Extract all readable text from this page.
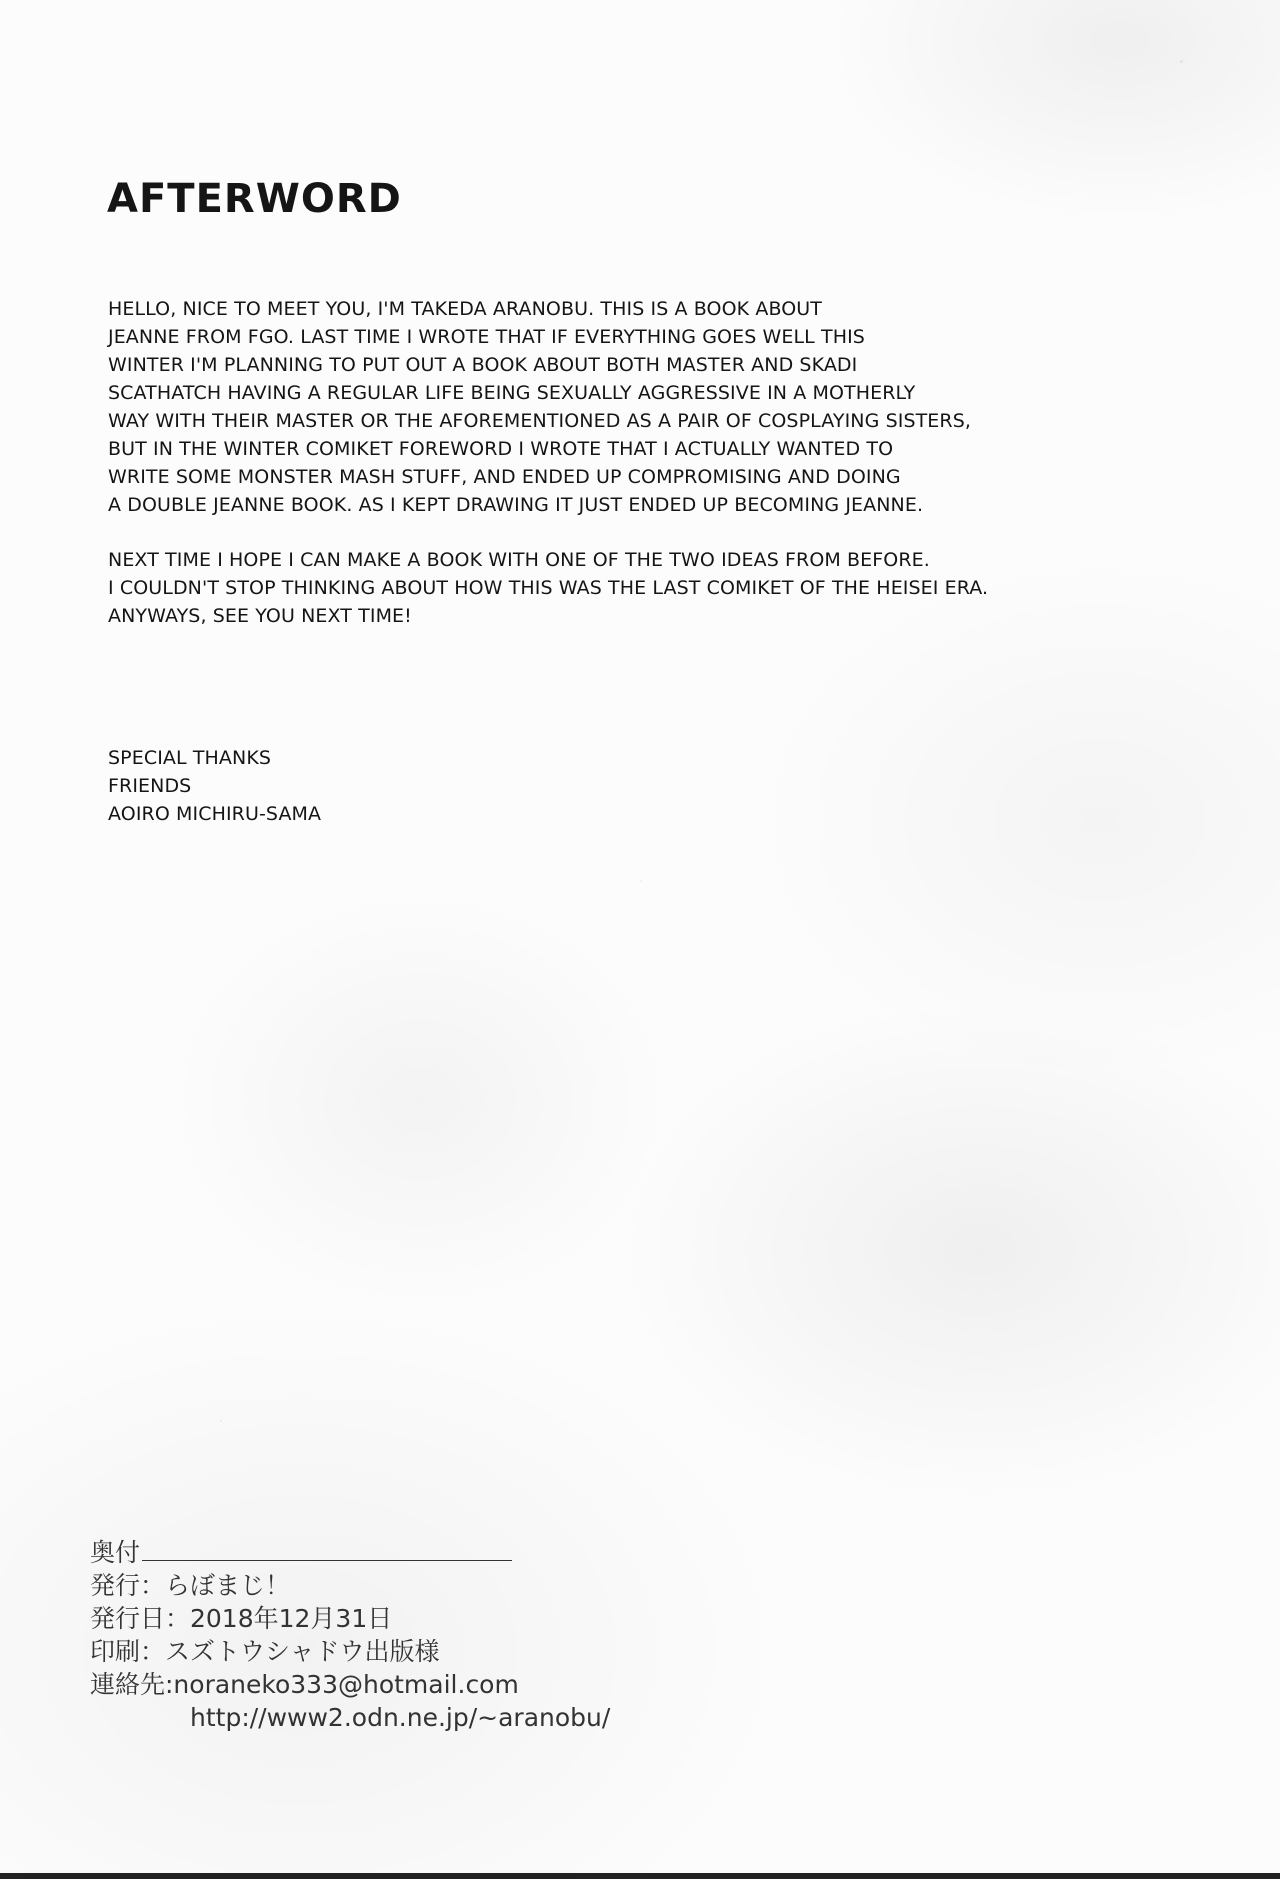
AFTERWORD
HELLO, NICE TO MEET YOU, I'M TAKEDA ARANOBU. THIS IS A BOOK ABOUT
JEANNE FROM FGO. LAST TIME I WROTE THAT IF EVERYTHING GOES WELL THIS
WINTER I'M PLANNING TO PUT OUT A BOOK ABOUT BOTH MASTER AND SKADI
SCATHATCH HAVING A REGULAR LIFE BEING SEXUALLY AGGRESSIVE IN A MOTHERLY
WAY WITH THEIR MASTER OR THE AFOREMENTIONED AS A PAIR OF COSPLAYING SISTERS,
BUT IN THE WINTER COMIKET FOREWORD I WROTE THAT I ACTUALLY WANTED TO
WRITE SOME MONSTER MASH STUFF, AND ENDED UP COMPROMISING AND DOING
A DOUBLE JEANNE BOOK. AS I KEPT DRAWING IT JUST ENDED UP BECOMING JEANNE.
NEXT TIME I HOPE I CAN MAKE A BOOK WITH ONE OF THE TWO IDEAS FROM BEFORE.
I COULDN'T STOP THINKING ABOUT HOW THIS WAS THE LAST COMIKET OF THE HEISEI ERA.
ANYWAYS, SEE YOU NEXT TIME!
SPECIAL THANKS
FRIENDS
AOIRO MICHIRU-SAMA
奥付
発行：らぼまじ！
発行日：2018年12月31日
印刷：スズトウシャドウ出版様
連絡先:noraneko333@hotmail.com
http://www2.odn.ne.jp/~aranobu/
